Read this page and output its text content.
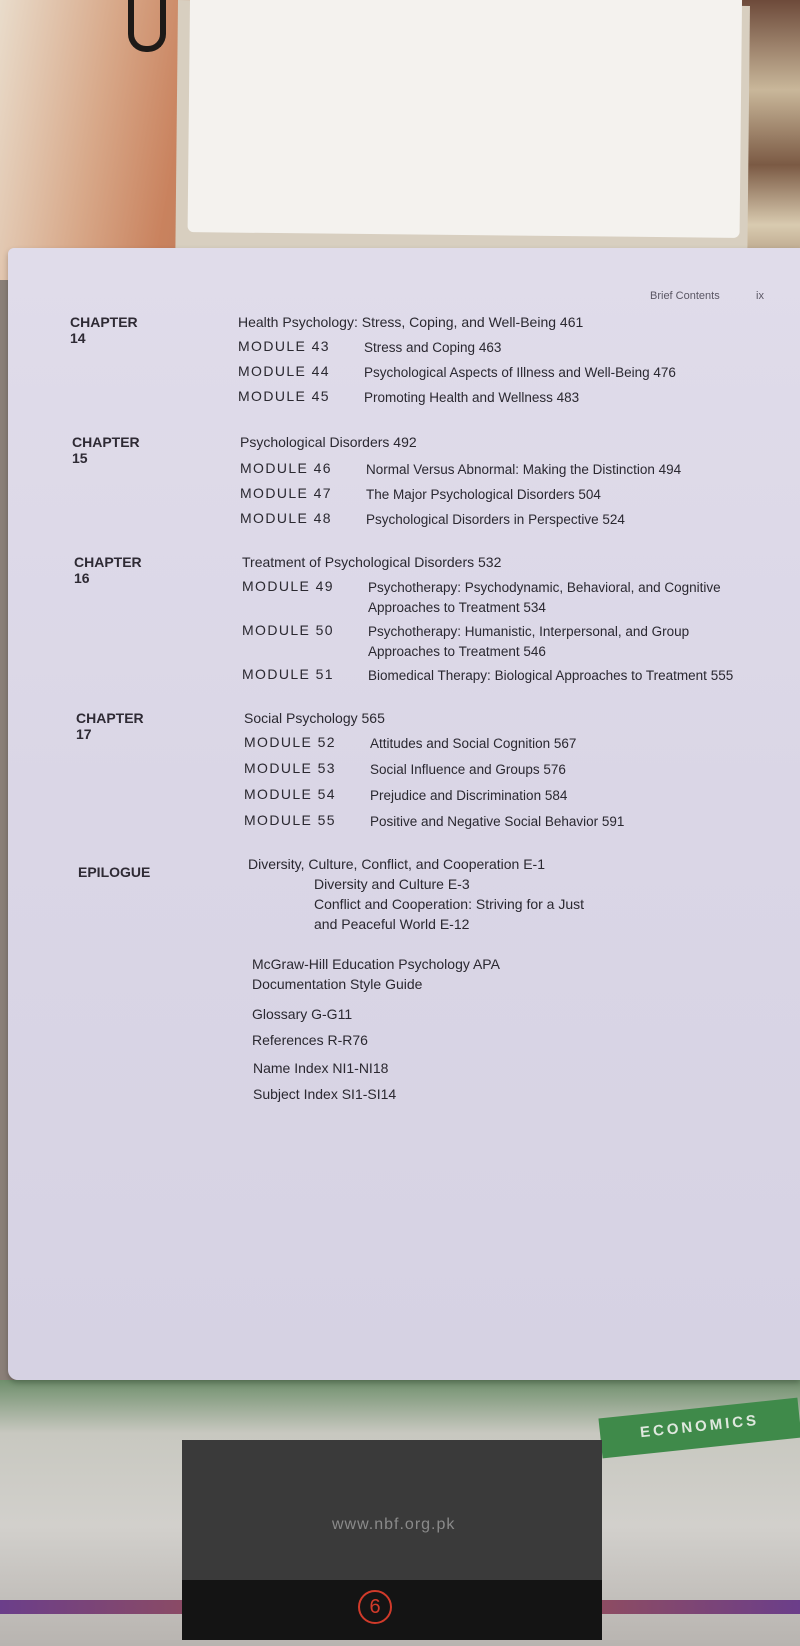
ECONOMICS
www.nbf.org.pk
6
Brief Contents	ix
CHAPTER 14
Health Psychology: Stress, Coping, and Well-Being 461
MODULE 43	Stress and Coping 463
MODULE 44	Psychological Aspects of Illness and Well-Being 476
MODULE 45	Promoting Health and Wellness 483
CHAPTER 15
Psychological Disorders 492
MODULE 46	Normal Versus Abnormal: Making the Distinction 494
MODULE 47	The Major Psychological Disorders 504
MODULE 48	Psychological Disorders in Perspective 524
CHAPTER 16
Treatment of Psychological Disorders 532
MODULE 49	Psychotherapy: Psychodynamic, Behavioral, and Cognitive
Approaches to Treatment 534
MODULE 50	Psychotherapy: Humanistic, Interpersonal, and Group
Approaches to Treatment 546
MODULE 51	Biomedical Therapy: Biological Approaches to Treatment 555
CHAPTER 17
Social Psychology 565
MODULE 52	Attitudes and Social Cognition 567
MODULE 53	Social Influence and Groups 576
MODULE 54	Prejudice and Discrimination 584
MODULE 55	Positive and Negative Social Behavior 591
EPILOGUE	Diversity, Culture, Conflict, and Cooperation E-1
Diversity and Culture E-3
Conflict and Cooperation: Striving for a Just
and Peaceful World E-12
McGraw-Hill Education Psychology APA
Documentation Style Guide
Glossary G-G11
References R-R76
Name Index NI1-NI18
Subject Index SI1-SI14
